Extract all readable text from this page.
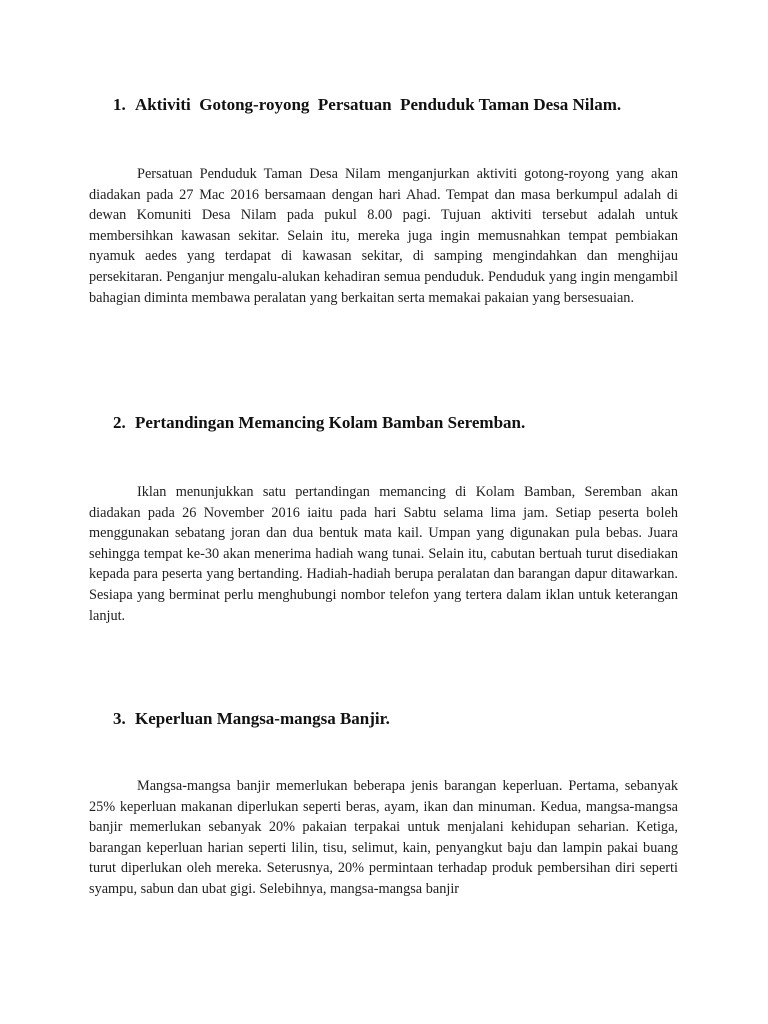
1. Aktiviti  Gotong-royong  Persatuan  Penduduk Taman Desa Nilam.

Persatuan Penduduk Taman Desa Nilam menganjurkan aktiviti gotong-royong yang akan diadakan pada 27 Mac 2016 bersamaan dengan hari Ahad. Tempat dan masa berkumpul adalah di dewan Komuniti Desa Nilam pada pukul 8.00 pagi. Tujuan aktiviti tersebut adalah untuk membersihkan kawasan sekitar. Selain itu, mereka juga ingin memusnahkan tempat pembiakan nyamuk aedes yang terdapat di kawasan sekitar, di samping mengindahkan dan menghijau persekitaran. Penganjur mengalu-alukan kehadiran semua penduduk. Penduduk yang ingin mengambil bahagian diminta membawa peralatan yang berkaitan serta memakai pakaian yang bersesuaian.

2. Pertandingan Memancing Kolam Bamban Seremban.

Iklan menunjukkan satu pertandingan memancing di Kolam Bamban, Seremban akan diadakan pada 26 November 2016 iaitu pada hari Sabtu selama lima jam. Setiap peserta boleh menggunakan sebatang joran dan dua bentuk mata kail. Umpan yang digunakan pula bebas. Juara sehingga tempat ke-30 akan menerima hadiah wang tunai. Selain itu, cabutan bertuah turut disediakan kepada para peserta yang bertanding. Hadiah-hadiah berupa peralatan dan barangan dapur ditawarkan. Sesiapa yang berminat perlu menghubungi nombor telefon yang tertera dalam iklan untuk keterangan lanjut.

3. Keperluan Mangsa-mangsa Banjir.

Mangsa-mangsa banjir memerlukan beberapa jenis barangan keperluan. Pertama, sebanyak 25% keperluan makanan diperlukan seperti beras, ayam, ikan dan minuman. Kedua, mangsa-mangsa banjir memerlukan sebanyak 20% pakaian terpakai untuk menjalani kehidupan seharian. Ketiga, barangan keperluan harian seperti lilin, tisu, selimut, kain, penyangkut baju dan lampin pakai buang turut diperlukan oleh mereka. Seterusnya, 20% permintaan terhadap produk pembersihan diri seperti syampu, sabun dan ubat gigi. Selebihnya, mangsa-mangsa banjir
